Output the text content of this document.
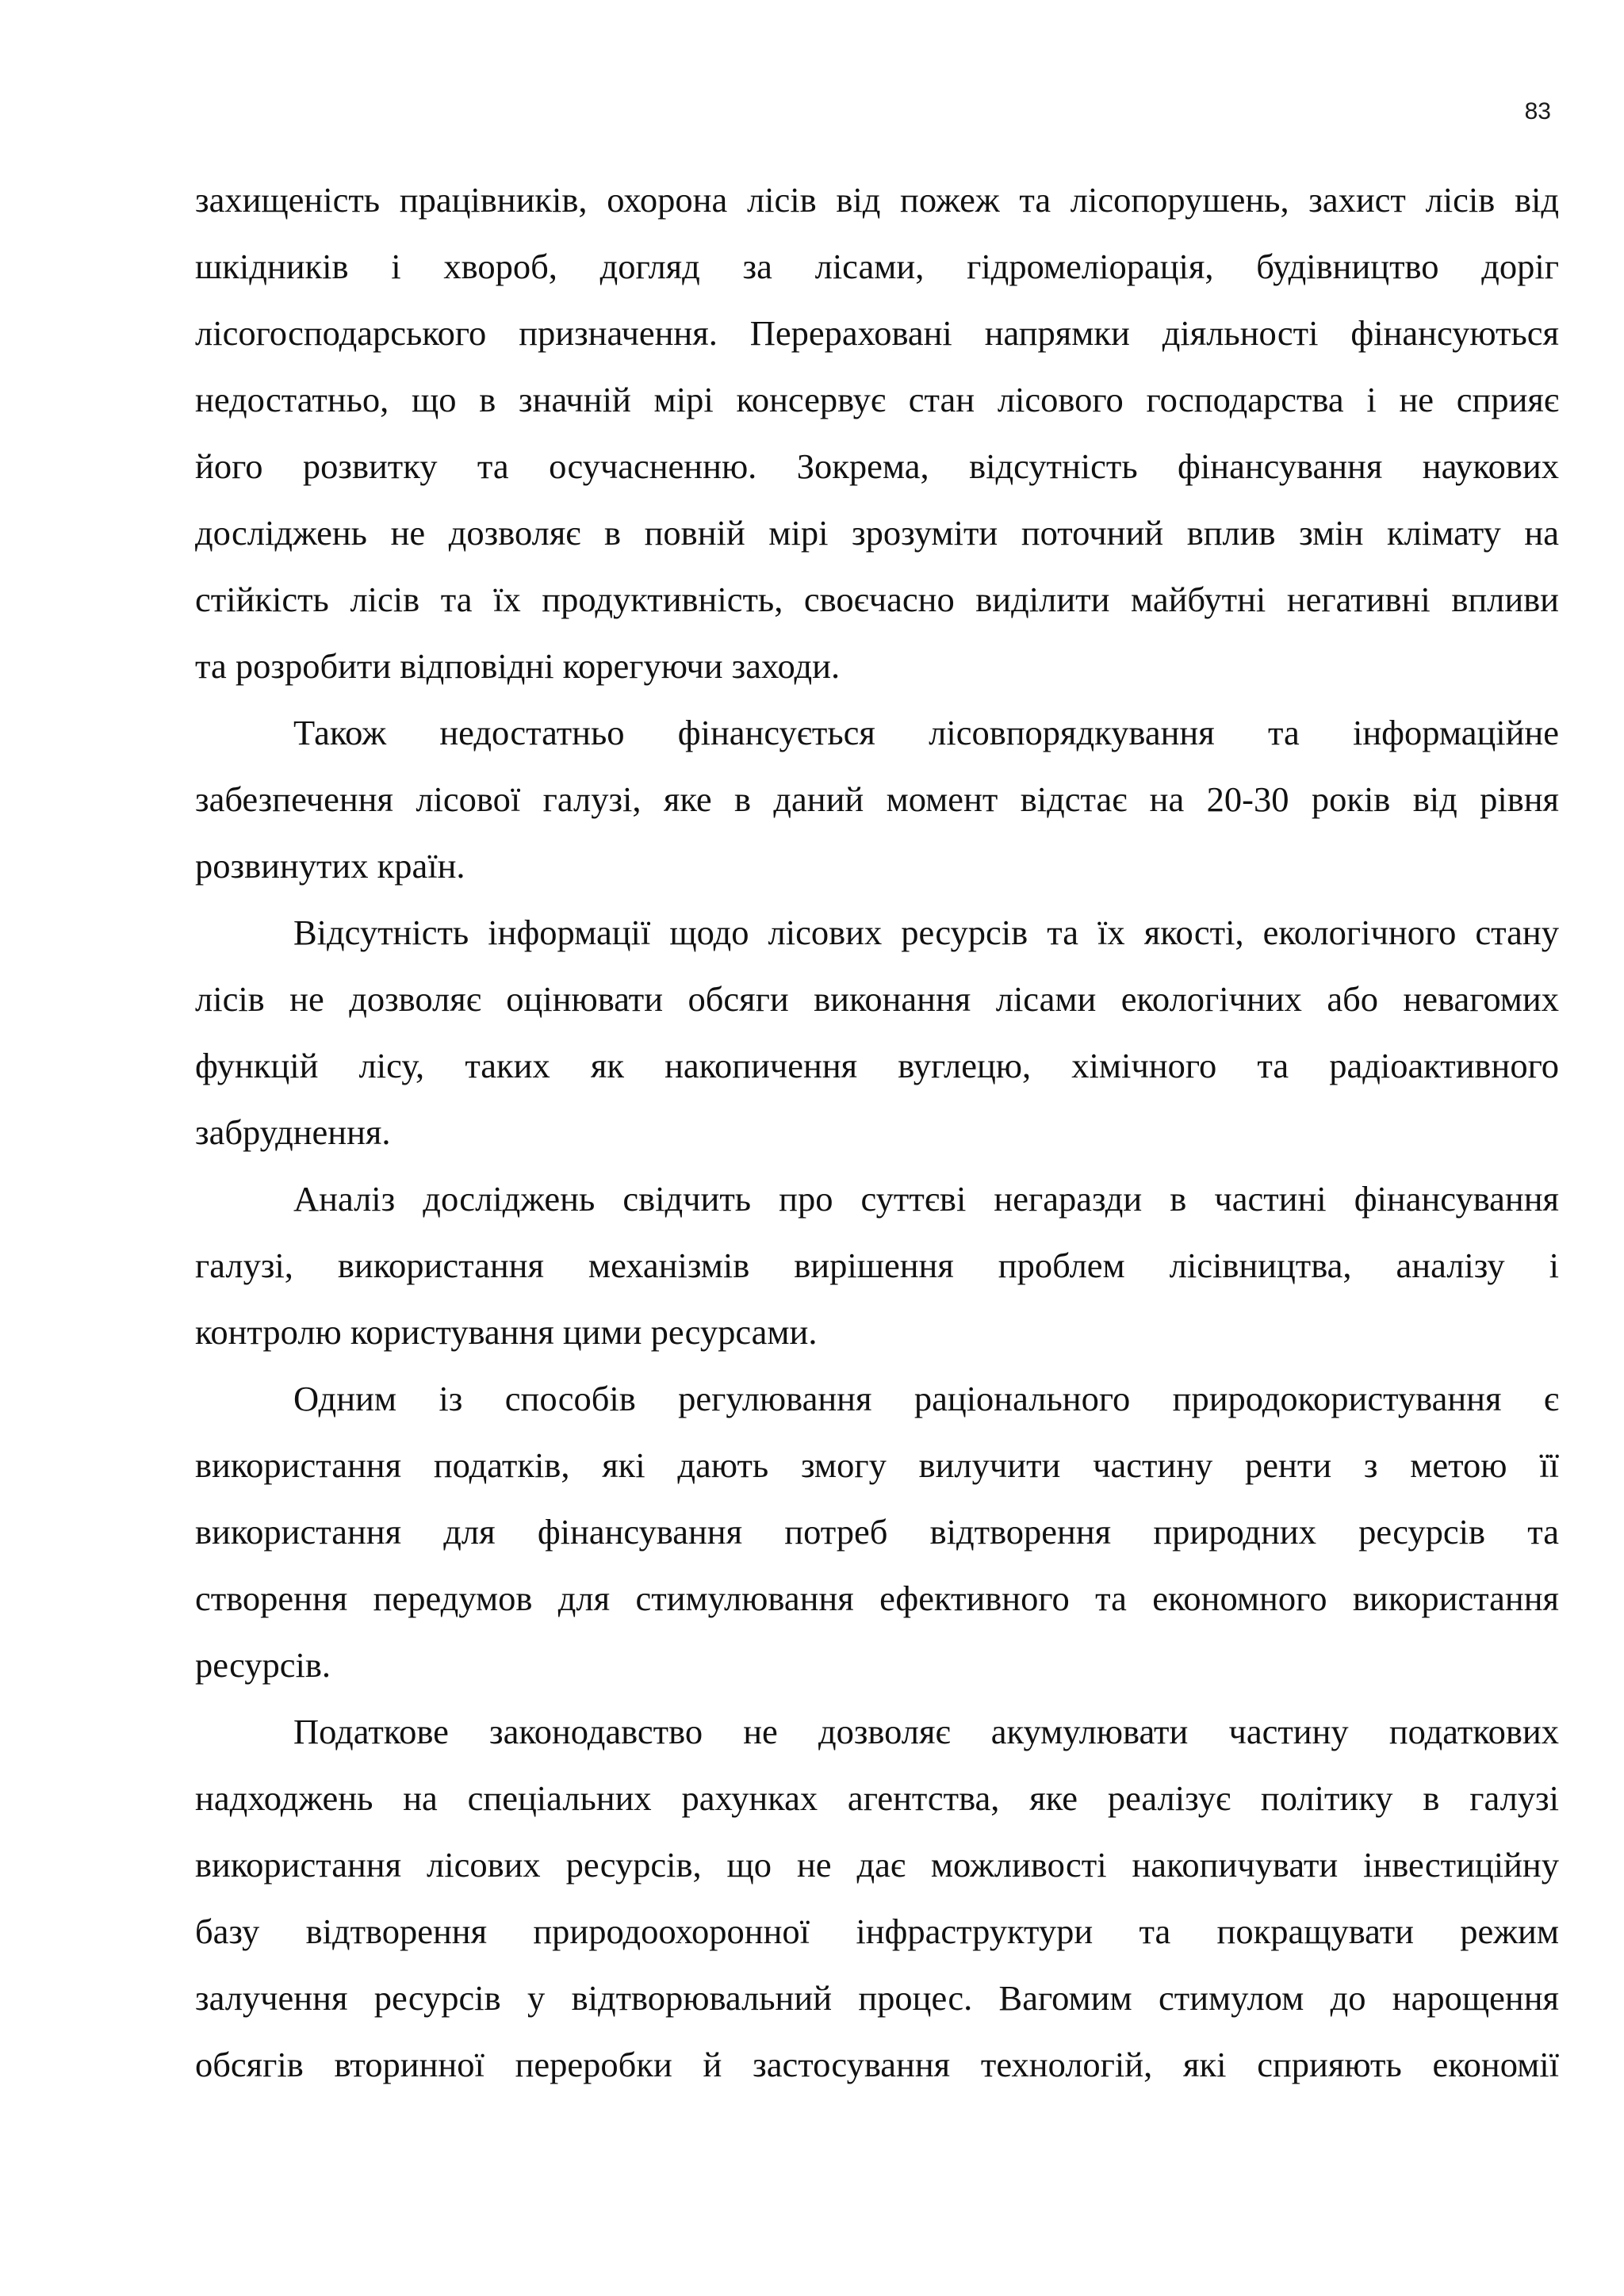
83

захищеність працівників, охорона лісів від пожеж та лісопорушень, захист лісів від
шкідників і хвороб, догляд за лісами, гідромеліорація, будівництво доріг
лісогосподарського призначення. Перераховані напрямки діяльності фінансуються
недостатньо, що в значній мірі консервує стан лісового господарства і не сприяє
його розвитку та осучасненню. Зокрема, відсутність фінансування наукових
досліджень не дозволяє в повній мірі зрозуміти поточний вплив змін клімату на
стійкість лісів та їх продуктивність, своєчасно виділити майбутні негативні впливи
та розробити відповідні корегуючи заходи.

Також недостатньо фінансується лісовпорядкування та інформаційне
забезпечення лісової галузі, яке в даний момент відстає на 20-30 років від рівня
розвинутих країн.

Відсутність інформації щодо лісових ресурсів та їх якості, екологічного стану
лісів не дозволяє оцінювати обсяги виконання лісами екологічних або невагомих
функцій лісу, таких як накопичення вуглецю, хімічного та радіоактивного
забруднення.

Аналіз досліджень свідчить про суттєві негаразди в частині фінансування
галузі, використання механізмів вирішення проблем лісівництва, аналізу і
контролю користування цими ресурсами.

Одним із способів регулювання раціонального природокористування є
використання податків, які дають змогу вилучити частину ренти з метою її
використання для фінансування потреб відтворення природних ресурсів та
створення передумов для стимулювання ефективного та економного використання
ресурсів.

Податкове законодавство не дозволяє акумулювати частину податкових
надходжень на спеціальних рахунках агентства, яке реалізує політику в галузі
використання лісових ресурсів, що не дає можливості накопичувати інвестиційну
базу відтворення природоохоронної інфраструктури та покращувати режим
залучення ресурсів у відтворювальний процес. Вагомим стимулом до нарощення
обсягів вторинної переробки й застосування технологій, які сприяють економії
